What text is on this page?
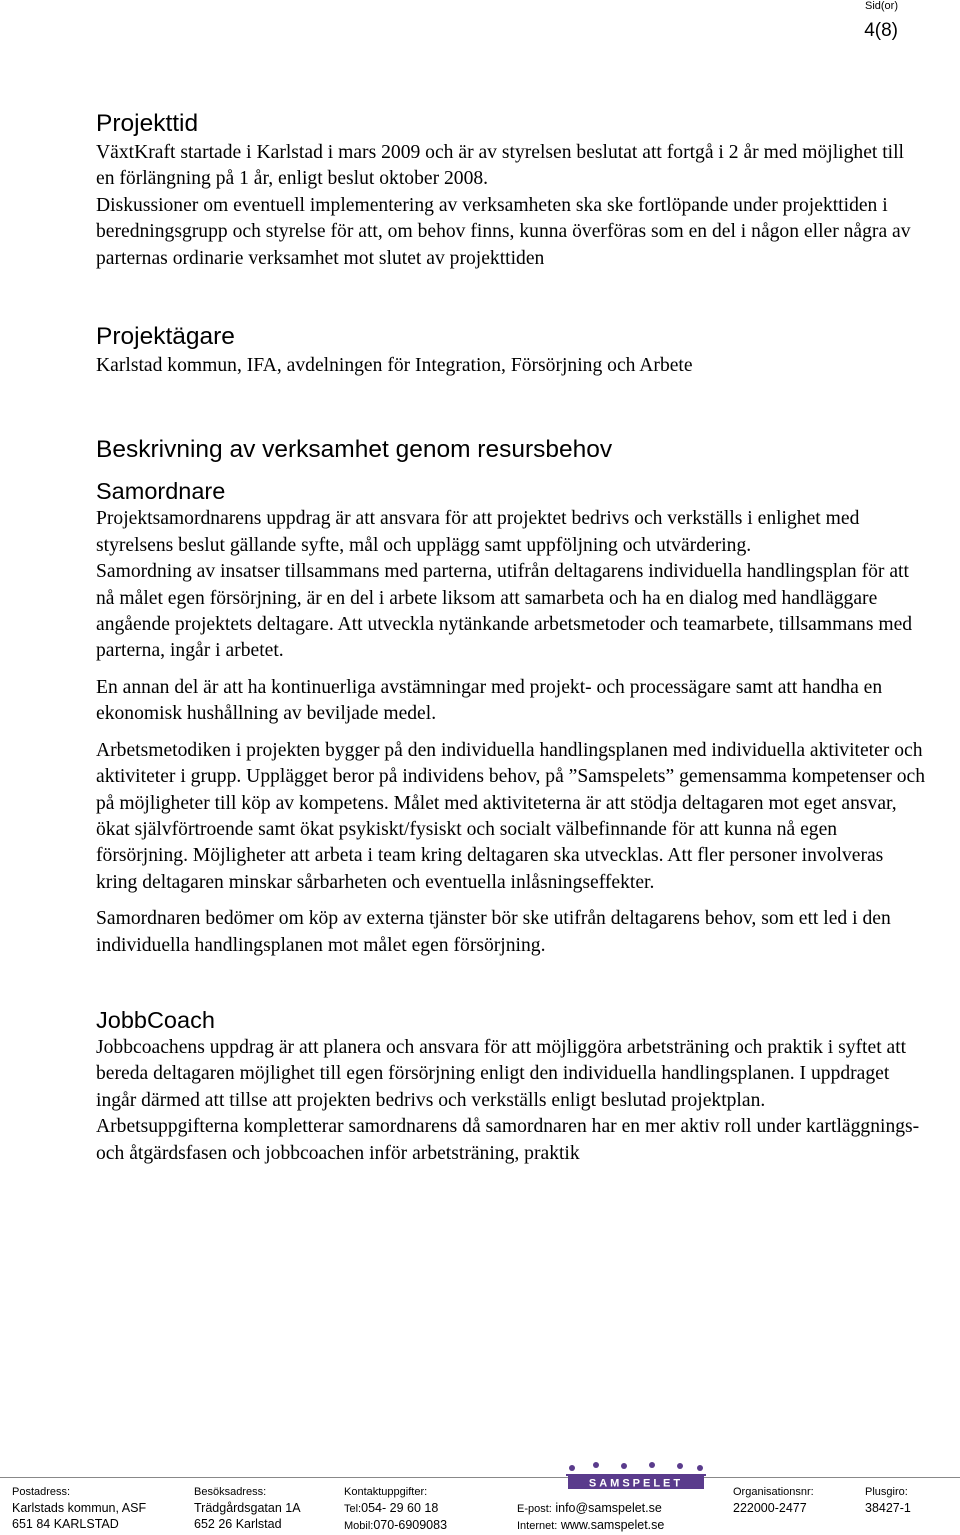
Sid(or)
4(8)
Projekttid

VäxtKraft startade i Karlstad i mars 2009 och är av styrelsen beslutat att fortgå i 2 år med möjlighet till en förlängning på 1 år, enligt beslut oktober 2008.

Diskussioner om eventuell implementering av verksamheten ska ske fortlöpande under projekttiden i beredningsgrupp och styrelse för att, om behov finns, kunna överföras som en del i någon eller några av parternas ordinarie verksamhet mot slutet av projekttiden

Projektägare

Karlstad kommun, IFA, avdelningen för Integration, Försörjning och Arbete

Beskrivning av verksamhet genom resursbehov
Samordnare

Projektsamordnarens uppdrag är att ansvara för att projektet bedrivs och verkställs i enlighet med styrelsens beslut gällande syfte, mål och upplägg samt uppföljning och utvärdering.

Samordning av insatser tillsammans med parterna, utifrån deltagarens individuella handlingsplan för att nå målet egen försörjning, är en del i arbete liksom att samarbeta och ha en dialog med handläggare angående projektets deltagare. Att utveckla nytänkande arbetsmetoder och teamarbete, tillsammans med parterna, ingår i arbetet.

En annan del är att ha kontinuerliga avstämningar med projekt- och processägare samt att handha en ekonomisk hushållning av beviljade medel.

Arbetsmetodiken i projekten bygger på den individuella handlingsplanen med individuella aktiviteter och aktiviteter i grupp. Upplägget beror på individens behov, på ”Samspelets” gemensamma kompetenser och på möjligheter till köp av kompetens. Målet med aktiviteterna är att stödja deltagaren mot eget ansvar, ökat självförtroende samt ökat psykiskt/fysiskt och socialt välbefinnande för att kunna nå egen försörjning. Möjligheter att arbeta i team kring deltagaren ska utvecklas. Att fler personer involveras kring deltagaren minskar sårbarheten och eventuella inlåsningseffekter.

Samordnaren bedömer om köp av externa tjänster bör ske utifrån deltagarens behov, som ett led i den individuella handlingsplanen mot målet egen försörjning.

JobbCoach

Jobbcoachens uppdrag är att planera och ansvara för att möjliggöra arbetsträning och praktik i syftet att bereda deltagaren möjlighet till egen försörjning enligt den individuella handlingsplanen. I uppdraget ingår därmed att tillse att projekten bedrivs och verkställs enligt beslutad projektplan.

Arbetsuppgifterna kompletterar samordnarens då samordnaren har en mer aktiv roll under kartläggnings- och åtgärdsfasen och jobbcoachen inför arbetsträning, praktik

SAMSPELET
Postadress:
Karlstads kommun, ASF
651 84 KARLSTAD
Besöksadress:
Trädgårdsgatan 1A
652 26 Karlstad
Kontaktuppgifter:
Tel:054- 29 60 18
Mobil:070-6909083
E-post: info@samspelet.se
Internet: www.samspelet.se
Organisationsnr:
222000-2477
Plusgiro:
38427-1
